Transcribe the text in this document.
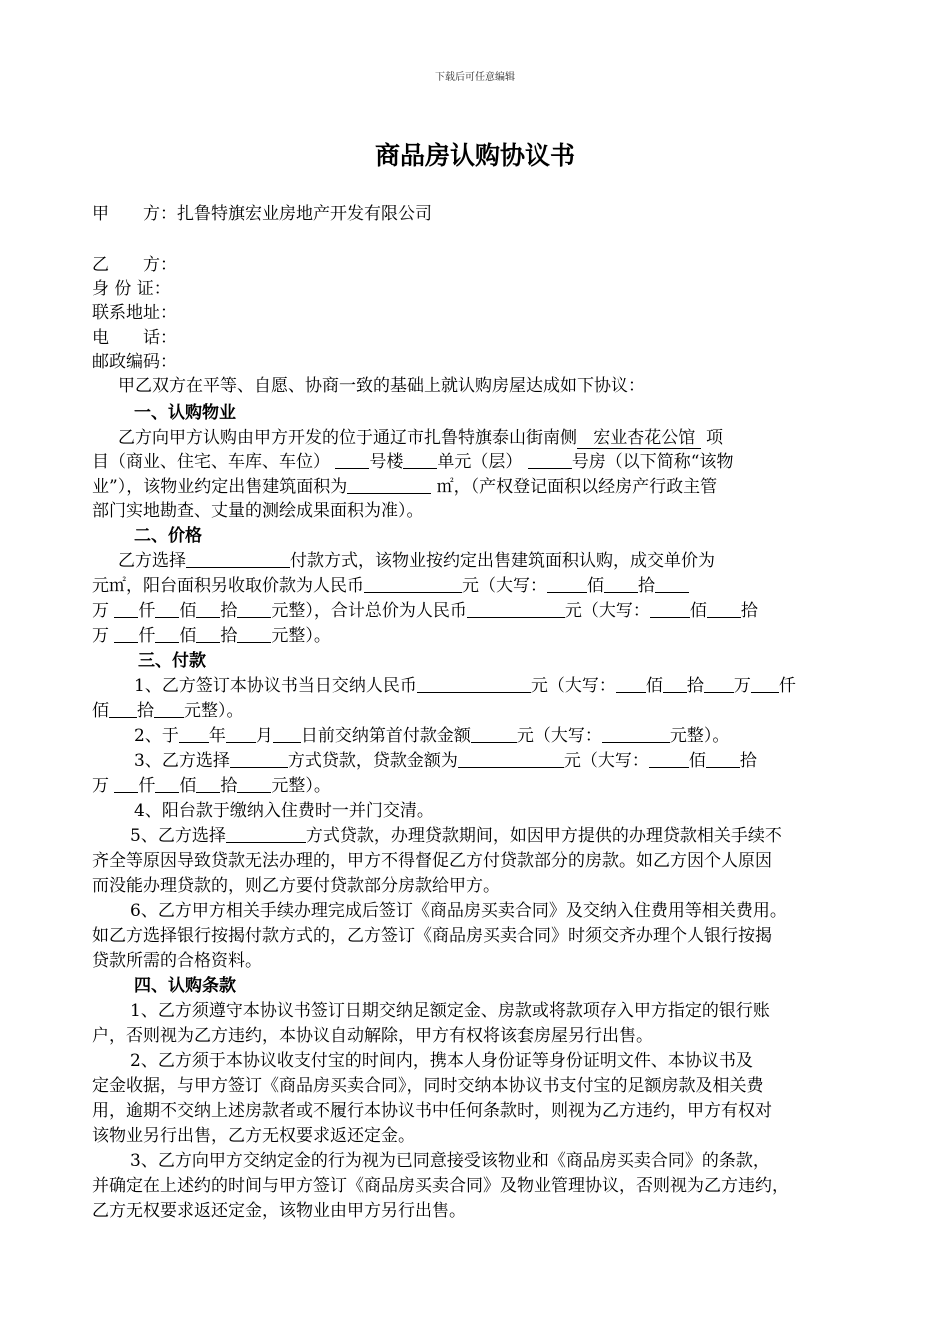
下载后可任意编辑
商品房认购协议书
甲　　方：扎鲁特旗宏业房地产开发有限公司
乙　　方：
身 份 证：
联系地址：
电　　话：
邮政编码：
甲乙双方在平等、自愿、协商一致的基础上就认购房屋达成如下协议：
一、认购物业
乙方向甲方认购由甲方开发的位于通辽市扎鲁特旗泰山街南侧 宏业杏花公馆 项
目（商业、住宅、车库、车位） 号楼 单元（层）	号房（以下简称“该物
业”），该物业约定出售建筑面积为	㎡，（产权登记面积以经房产行政主管
部门实地勘查、丈量的测绘成果面积为准）。
二、价格
乙方选择	付款方式，该物业按约定出售建筑面积认购，成交单价为
元㎡，阳台面积另收取价款为人民币	元（大写： 佰 拾
万 仟 佰 拾 元整），合计总价为人民币	元（大写： 佰 拾
万 仟 佰 拾 元整）。
三、付款
1、乙方签订本协议书当日交纳人民币	元（大写： 佰 拾 万 仟
佰 拾 元整）。
2、于 年 月 日前交纳第首付款金额	元（大写：	元整）。
3、乙方选择	方式贷款，贷款金额为	元（大写： 佰 拾
万 仟 佰 拾 元整）。
4、阳台款于缴纳入住费时一并门交清。
5、乙方选择	方式贷款，办理贷款期间，如因甲方提供的办理贷款相关手续不
齐全等原因导致贷款无法办理的，甲方不得督促乙方付贷款部分的房款。如乙方因个人原因
而没能办理贷款的，则乙方要付贷款部分房款给甲方。
6、乙方甲方相关手续办理完成后签订《商品房买卖合同》及交纳入住费用等相关费用。
如乙方选择银行按揭付款方式的，乙方签订《商品房买卖合同》时须交齐办理个人银行按揭
贷款所需的合格资料。
四、认购条款
1、乙方须遵守本协议书签订日期交纳足额定金、房款或将款项存入甲方指定的银行账
户，否则视为乙方违约，本协议自动解除，甲方有权将该套房屋另行出售。
2、乙方须于本协议收支付宝的时间内，携本人身份证等身份证明文件、本协议书及
定金收据，与甲方签订《商品房买卖合同》，同时交纳本协议书支付宝的足额房款及相关费
用，逾期不交纳上述房款者或不履行本协议书中任何条款时，则视为乙方违约，甲方有权对
该物业另行出售，乙方无权要求返还定金。
3、乙方向甲方交纳定金的行为视为已同意接受该物业和《商品房买卖合同》的条款，
并确定在上述约的时间与甲方签订《商品房买卖合同》及物业管理协议，否则视为乙方违约，
乙方无权要求返还定金，该物业由甲方另行出售。
